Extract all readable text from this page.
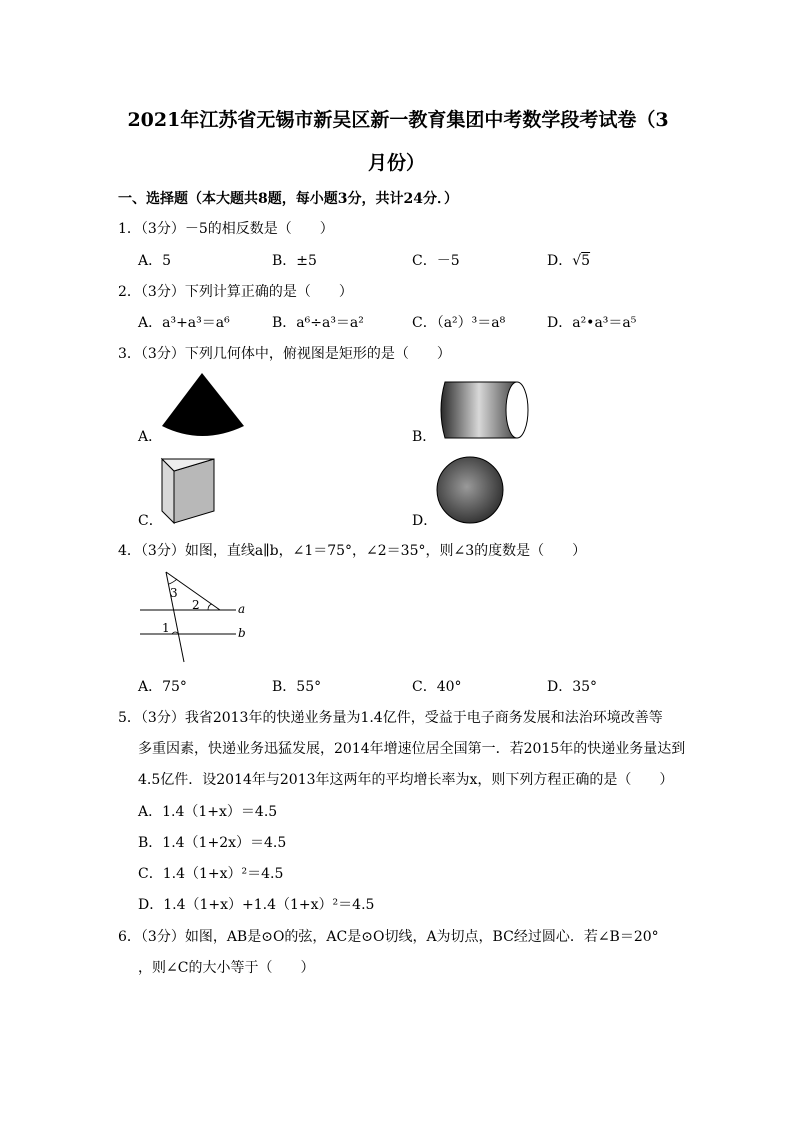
2021年江苏省无锡市新吴区新一教育集团中考数学段考试卷（3
月份）
一、选择题（本大题共8题，每小题3分，共计24分．）
1．（3分）－5的相反数是（　　）
A．5	B．±5	C．－5	D．√5
2．（3分）下列计算正确的是（　　）
A．a³+a³＝a⁶	B．a⁶÷a³＝a²	C．（a²）³＝a⁸	D．a²•a³＝a⁵
3．（3分）下列几何体中，俯视图是矩形的是（　　）
A．	B．
C．	D．
4．（3分）如图，直线a∥b，∠1＝75°，∠2＝35°，则∠3的度数是（　　）
3
2
1
a
b
A．75°	B．55°	C．40°	D．35°
5．（3分）我省2013年的快递业务量为1.4亿件，受益于电子商务发展和法治环境改善等
多重因素，快递业务迅猛发展，2014年增速位居全国第一．若2015年的快递业务量达到
4.5亿件．设2014年与2013年这两年的平均增长率为x，则下列方程正确的是（　　）
A．1.4（1+x）＝4.5
B．1.4（1+2x）＝4.5
C．1.4（1+x）²＝4.5
D．1.4（1+x）+1.4（1+x）²＝4.5
6．（3分）如图，AB是⊙O的弦，AC是⊙O切线，A为切点，BC经过圆心．若∠B＝20°
，则∠C的大小等于（　　）
